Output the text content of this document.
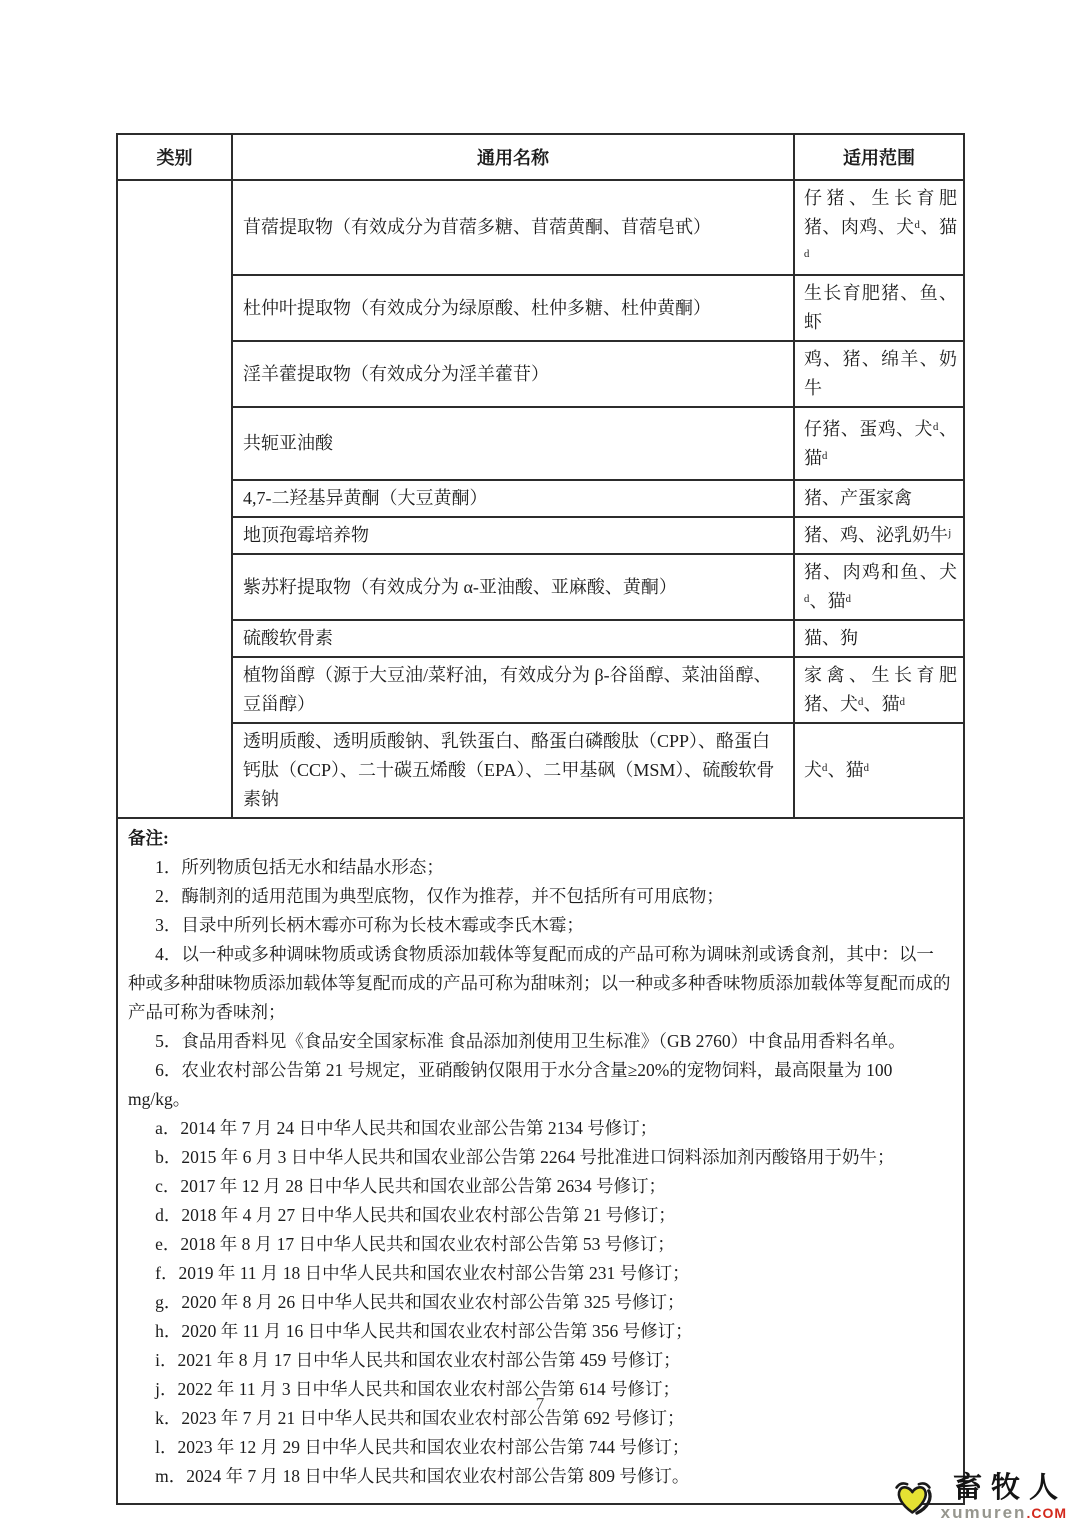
类别	通用名称	适用范围
	苜蓿提取物（有效成分为苜蓿多糖、苜蓿黄酮、苜蓿皂甙）	仔猪、生长育肥猪、肉鸡、犬ᵈ、猫ᵈ
	杜仲叶提取物（有效成分为绿原酸、杜仲多糖、杜仲黄酮）	生长育肥猪、鱼、虾
	淫羊藿提取物（有效成分为淫羊藿苷）	鸡、猪、绵羊、奶牛
	共轭亚油酸	仔猪、蛋鸡、犬ᵈ、猫ᵈ
	4,7-二羟基异黄酮（大豆黄酮）	猪、产蛋家禽
	地顶孢霉培养物	猪、鸡、泌乳奶牛ʲ
	紫苏籽提取物（有效成分为 α-亚油酸、亚麻酸、黄酮）	猪、肉鸡和鱼、犬ᵈ、猫ᵈ
	硫酸软骨素	猫、狗
	植物甾醇（源于大豆油/菜籽油，有效成分为 β-谷甾醇、菜油甾醇、豆甾醇）	家禽、生长育肥猪、犬ᵈ、猫ᵈ
	透明质酸、透明质酸钠、乳铁蛋白、酪蛋白磷酸肽（CPP）、酪蛋白钙肽（CCP）、二十碳五烯酸（EPA）、二甲基砜（MSM）、硫酸软骨素钠	犬ᵈ、猫ᵈ

备注:

1．所列物质包括无水和结晶水形态；

2．酶制剂的适用范围为典型底物，仅作为推荐，并不包括所有可用底物；

3．目录中所列长柄木霉亦可称为长枝木霉或李氏木霉；

4．以一种或多种调味物质或诱食物质添加载体等复配而成的产品可称为调味剂或诱食剂，其中：以一种或多种甜味物质添加载体等复配而成的产品可称为甜味剂；以一种或多种香味物质添加载体等复配而成的产品可称为香味剂；

5．食品用香料见《食品安全国家标准 食品添加剂使用卫生标准》（GB 2760）中食品用香料名单。

6．农业农村部公告第 21 号规定，亚硝酸钠仅限用于水分含量≥20%的宠物饲料，最高限量为 100 mg/kg。

a．2014 年 7 月 24 日中华人民共和国农业部公告第 2134 号修订；

b．2015 年 6 月 3 日中华人民共和国农业部公告第 2264 号批准进口饲料添加剂丙酸铬用于奶牛；

c．2017 年 12 月 28 日中华人民共和国农业部公告第 2634 号修订；

d．2018 年 4 月 27 日中华人民共和国农业农村部公告第 21 号修订；

e．2018 年 8 月 17 日中华人民共和国农业农村部公告第 53 号修订；

f．2019 年 11 月 18 日中华人民共和国农业农村部公告第 231 号修订；

g．2020 年 8 月 26 日中华人民共和国农业农村部公告第 325 号修订；

h．2020 年 11 月 16 日中华人民共和国农业农村部公告第 356 号修订；

i．2021 年 8 月 17 日中华人民共和国农业农村部公告第 459 号修订；

j．2022 年 11 月 3 日中华人民共和国农业农村部公告第 614 号修订；

k．2023 年 7 月 21 日中华人民共和国农业农村部公告第 692 号修订；

l．2023 年 12 月 29 日中华人民共和国农业农村部公告第 744 号修订；

m．2024 年 7 月 18 日中华人民共和国农业农村部公告第 809 号修订。

7
畜牧人
xumuren.COM
